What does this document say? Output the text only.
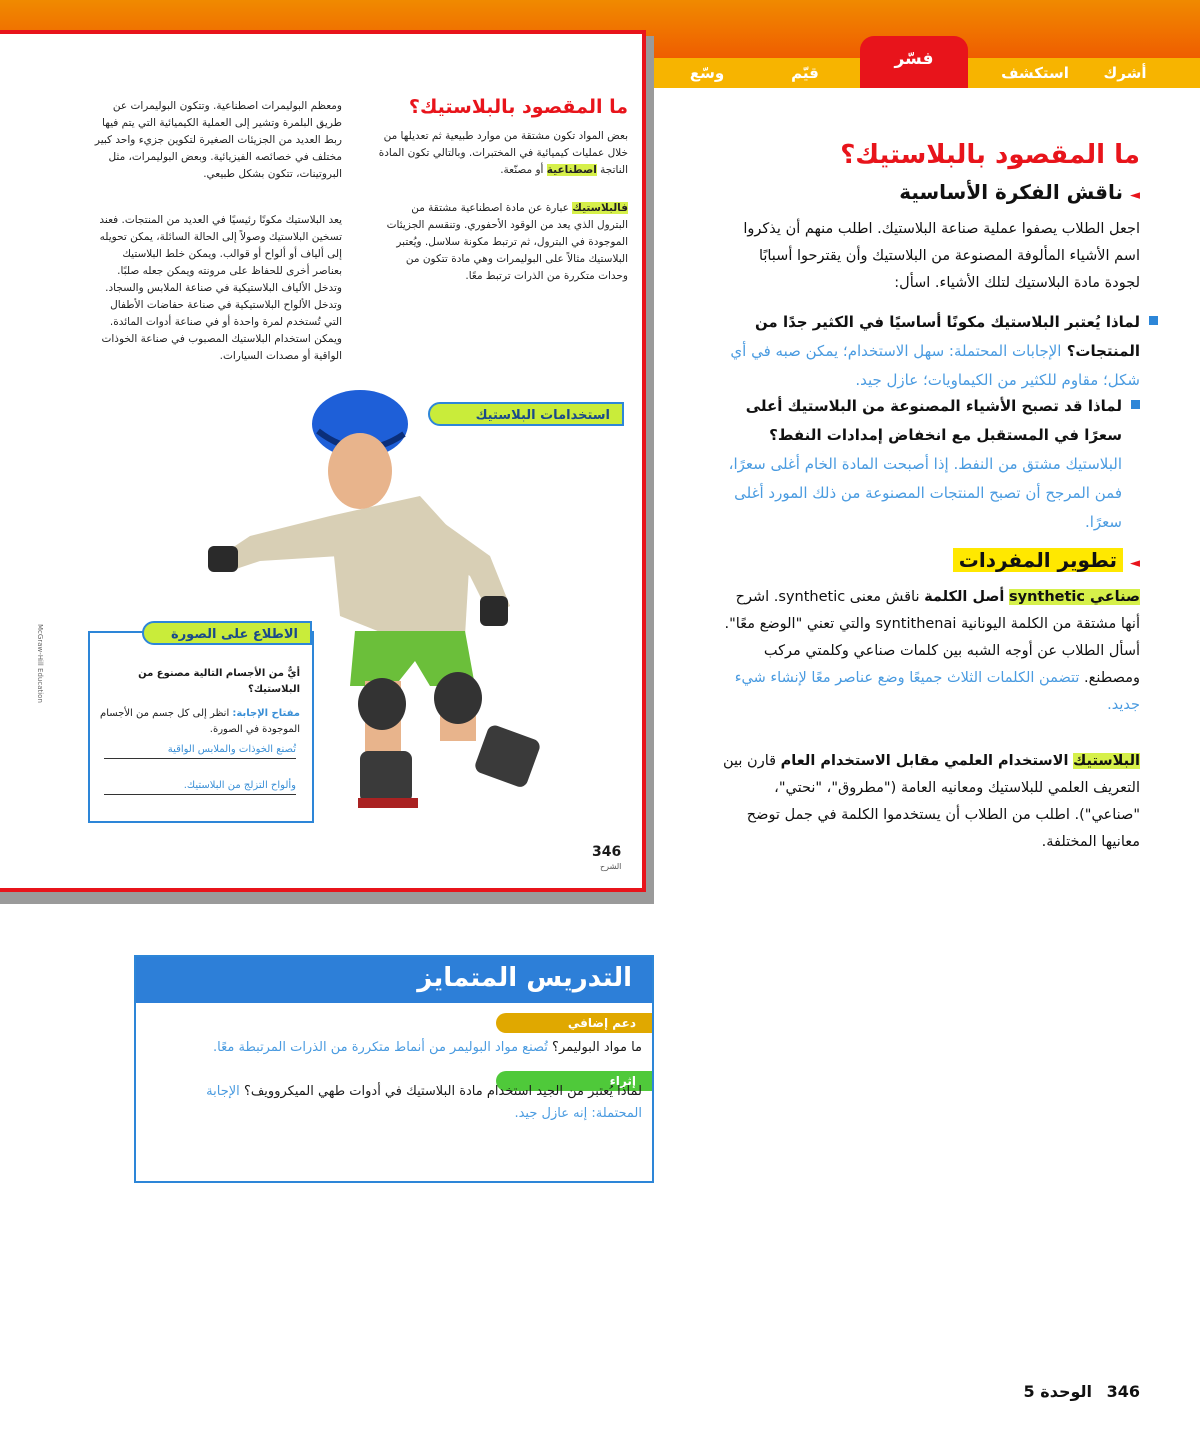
أشرك
استكشف
فسّر
قيّم
وسّع
ما المقصود بالبلاستيك؟
بعض المواد تكون مشتقة من موارد طبيعية ثم تعديلها من خلال عمليات كيميائية في المختبرات. وبالتالي تكون المادة الناتجة اصطناعية أو مصنّعة.
فالبلاستيك عبارة عن مادة اصطناعية مشتقة من البترول الذي يعد من الوقود الأحفوري. وتنقسم الجزيئات الموجودة في البترول، ثم ترتبط مكونة سلاسل. ويُعتبر البلاستيك مثالاً على البوليمرات وهي مادة تتكون من وحدات متكررة من الذرات ترتبط معًا.
ومعظم البوليمرات اصطناعية. وتتكون البوليمرات عن طريق البلمرة وتشير إلى العملية الكيميائية التي يتم فيها ربط العديد من الجزيئات الصغيرة لتكوين جزيء واحد كبير مختلف في خصائصه الفيزيائية. وبعض البوليمرات، مثل البروتينات، تتكون بشكل طبيعي.
يعد البلاستيك مكونًا رئيسيًا في العديد من المنتجات. فعند تسخين البلاستيك وصولاً إلى الحالة السائلة، يمكن تحويله إلى ألياف أو ألواح أو قوالب. ويمكن خلط البلاستيك بعناصر أخرى للحفاظ على مرونته ويمكن جعله صلبًا. وتدخل الألياف البلاستيكية في صناعة الملابس والسجاد. وتدخل الألواح البلاستيكية في صناعة حفاضات الأطفال التي تُستخدم لمرة واحدة أو في صناعة أدوات المائدة. ويمكن استخدام البلاستيك المصبوب في صناعة الخوذات الواقية أو مصدات السيارات.
استخدامات البلاستيك
الاطلاع على الصورة
أيٌّ من الأجسام التالية مصنوع من البلاستيك؟
مفتاح الإجابة: انظر إلى كل جسم من الأجسام الموجودة في الصورة.
تُصنع الخوذات والملابس الواقية
وألواح التزلج من البلاستيك.
McGraw-Hill Education
346
الشرح
ما المقصود بالبلاستيك؟
◄ ناقش الفكرة الأساسية
اجعل الطلاب يصفوا عملية صناعة البلاستيك. اطلب منهم أن يذكروا اسم الأشياء المألوفة المصنوعة من البلاستيك وأن يقترحوا أسبابًا لجودة مادة البلاستيك لتلك الأشياء. اسأل:
لماذا يُعتبر البلاستيك مكونًا أساسيًا في الكثير جدًا من المنتجات؟ الإجابات المحتملة: سهل الاستخدام؛ يمكن صبه في أي شكل؛ مقاوم للكثير من الكيماويات؛ عازل جيد.
لماذا قد تصبح الأشياء المصنوعة من البلاستيك أعلى سعرًا في المستقبل مع انخفاض إمدادات النفط؟ البلاستيك مشتق من النفط. إذا أصبحت المادة الخام أغلى سعرًا، فمن المرجح أن تصبح المنتجات المصنوعة من ذلك المورد أغلى سعرًا.
◄ تطوير المفردات
صناعي synthetic أصل الكلمة ناقش معنى synthetic. اشرح أنها مشتقة من الكلمة اليونانية syntithenai والتي تعني "الوضع معًا". أسأل الطلاب عن أوجه الشبه بين كلمات صناعي وكلمتي مركب ومصطنع. تتضمن الكلمات الثلاث جميعًا وضع عناصر معًا لإنشاء شيء جديد.
البلاستيك الاستخدام العلمي مقابل الاستخدام العام قارن بين التعريف العلمي للبلاستيك ومعانيه العامة ("مطروق"، "نحتي"، "صناعي"). اطلب من الطلاب أن يستخدموا الكلمة في جمل توضح معانيها المختلفة.
التدريس المتمايز
دعم إضافي
ما مواد البوليمر؟ تُصنع مواد البوليمر من أنماط متكررة من الذرات المرتبطة معًا.
إثراء
لماذا يُعتبر من الجيد استخدام مادة البلاستيك في أدوات طهي الميكروويف؟ الإجابة المحتملة: إنه عازل جيد.
346
الوحدة 5
